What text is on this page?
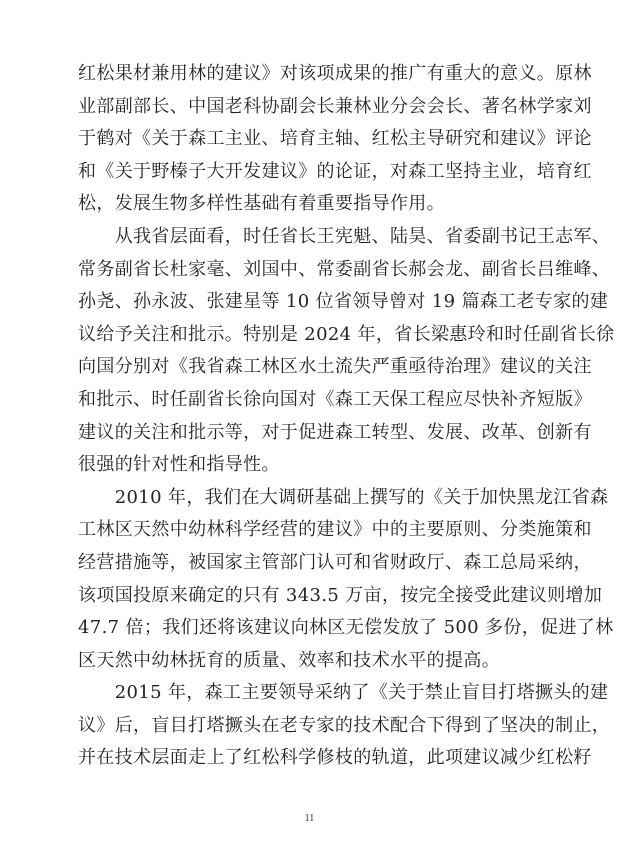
红松果材兼用林的建议》对该项成果的推广有重大的意义。原林
业部副部长、中国老科协副会长兼林业分会会长、著名林学家刘
于鹤对《关于森工主业、培育主轴、红松主导研究和建议》评论
和《关于野榛子大开发建议》的论证，对森工坚持主业，培育红
松，发展生物多样性基础有着重要指导作用。
　　从我省层面看，时任省长王宪魁、陆昊、省委副书记王志军、
常务副省长杜家毫、刘国中、常委副省长郝会龙、副省长吕维峰、
孙尧、孙永波、张建星等 10 位省领导曾对 19 篇森工老专家的建
议给予关注和批示。特别是 2024 年，省长梁惠玲和时任副省长徐
向国分别对《我省森工林区水土流失严重亟待治理》建议的关注
和批示、时任副省长徐向国对《森工天保工程应尽快补齐短版》
建议的关注和批示等，对于促进森工转型、发展、改革、创新有
很强的针对性和指导性。
　　2010 年，我们在大调研基础上撰写的《关于加快黑龙江省森
工林区天然中幼林科学经营的建议》中的主要原则、分类施策和
经营措施等，被国家主管部门认可和省财政厅、森工总局采纳，
该项国投原来确定的只有 343.5 万亩，按完全接受此建议则增加
47.7 倍；我们还将该建议向林区无偿发放了 500 多份，促进了林
区天然中幼林抚育的质量、效率和技术水平的提高。
　　2015 年，森工主要领导采纳了《关于禁止盲目打塔撅头的建
议》后，盲目打塔撅头在老专家的技术配合下得到了坚决的制止，
并在技术层面走上了红松科学修枝的轨道，此项建议减少红松籽
11
